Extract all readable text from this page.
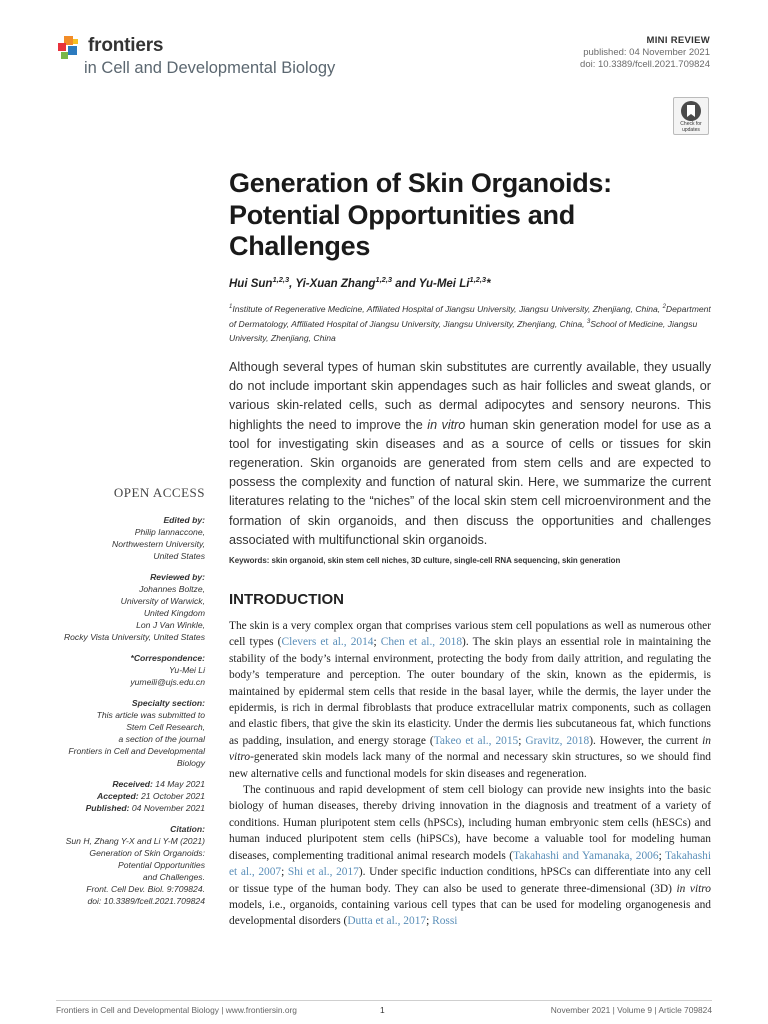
frontiers
in Cell and Developmental Biology
MINI REVIEW
published: 04 November 2021
doi: 10.3389/fcell.2021.709824
Check for updates
Generation of Skin Organoids:
Potential Opportunities and
Challenges
Hui Sun$^{1,2,3}$, Yi-Xuan Zhang$^{1,2,3}$ and Yu-Mei Li$^{1,2,3}$*
$^1$Institute of Regenerative Medicine, Affiliated Hospital of Jiangsu University, Jiangsu University, Zhenjiang, China, $^2$Department of Dermatology, Affiliated Hospital of Jiangsu University, Jiangsu University, Zhenjiang, China, $^3$School of Medicine, Jiangsu University, Zhenjiang, China
Although several types of human skin substitutes are currently available, they usually do not include important skin appendages such as hair follicles and sweat glands, or various skin-related cells, such as dermal adipocytes and sensory neurons. This highlights the need to improve the in vitro human skin generation model for use as a tool for investigating skin diseases and as a source of cells or tissues for skin regeneration. Skin organoids are generated from stem cells and are expected to possess the complexity and function of natural skin. Here, we summarize the current literatures relating to the “niches” of the local skin stem cell microenvironment and the formation of skin organoids, and then discuss the opportunities and challenges associated with multifunctional skin organoids.
Keywords: skin organoid, skin stem cell niches, 3D culture, single-cell RNA sequencing, skin generation
OPEN ACCESS
Edited by:
Philip Iannaccone,
Northwestern University,
United States
Reviewed by:
Johannes Boltze,
University of Warwick,
United Kingdom
Lon J Van Winkle,
Rocky Vista University, United States
*Correspondence:
Yu-Mei Li
yumeili@ujs.edu.cn
Specialty section:
This article was submitted to
Stem Cell Research,
a section of the journal
Frontiers in Cell and Developmental
Biology
Received: 14 May 2021
Accepted: 21 October 2021
Published: 04 November 2021
Citation:
Sun H, Zhang Y-X and Li Y-M (2021)
Generation of Skin Organoids:
Potential Opportunities
and Challenges.
Front. Cell Dev. Biol. 9:709824.
doi: 10.3389/fcell.2021.709824
INTRODUCTION

The skin is a very complex organ that comprises various stem cell populations as well as numerous other cell types (Clevers et al., 2014; Chen et al., 2018). The skin plays an essential role in maintaining the stability of the body’s internal environment, protecting the body from daily attrition, and regulating the body’s temperature and perception. The outer boundary of the skin, known as the epidermis, is maintained by epidermal stem cells that reside in the basal layer, while the dermis, the layer under the epidermis, is rich in dermal fibroblasts that produce extracellular matrix components, such as collagen and elastic fibers, that give the skin its elasticity. Under the dermis lies subcutaneous fat, which functions as padding, insulation, and energy storage (Takeo et al., 2015; Gravitz, 2018). However, the current in vitro-generated skin models lack many of the normal and necessary skin structures, so we should find new alternative cells and functional models for skin diseases and regeneration.

The continuous and rapid development of stem cell biology can provide new insights into the basic biology of human diseases, thereby driving innovation in the diagnosis and treatment of a variety of conditions. Human pluripotent stem cells (hPSCs), including human embryonic stem cells (hESCs) and human induced pluripotent stem cells (hiPSCs), have become a valuable tool for modeling human diseases, complementing traditional animal research models (Takahashi and Yamanaka, 2006; Takahashi et al., 2007; Shi et al., 2017). Under specific induction conditions, hPSCs can differentiate into any cell or tissue type of the human body. They can also be used to generate three-dimensional (3D) in vitro models, i.e., organoids, containing various cell types that can be used for modeling organogenesis and developmental disorders (Dutta et al., 2017; Rossi

Frontiers in Cell and Developmental Biology | www.frontiersin.org	1	November 2021 | Volume 9 | Article 709824
